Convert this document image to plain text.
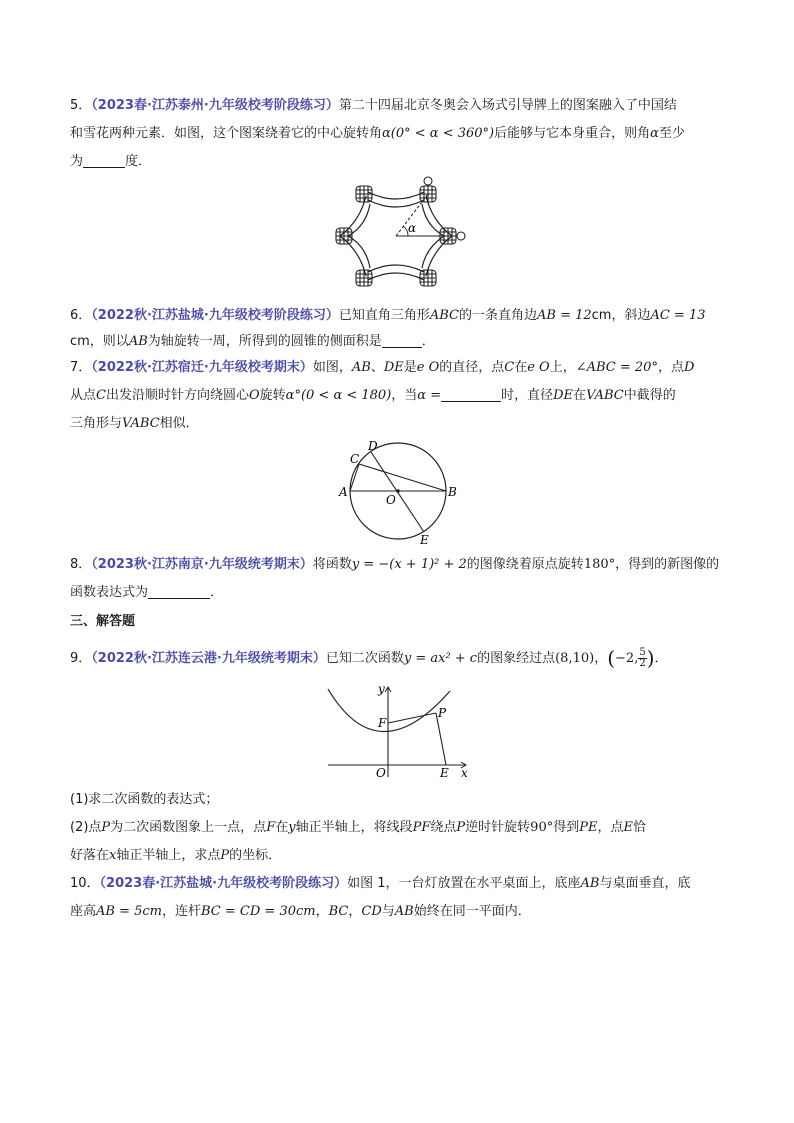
5．（2023春·江苏泰州·九年级校考阶段练习）第二十四届北京冬奥会入场式引导牌上的图案融入了中国结
和雪花两种元素．如图，这个图案绕着它的中心旋转角α(0° < α < 360°)后能够与它本身重合，则角α至少
为	度．
α
6．（2022秋·江苏盐城·九年级校考阶段练习）已知直角三角形ABC的一条直角边AB = 12cm，斜边AC = 13
cm，则以AB为轴旋转一周，所得到的圆锥的侧面积是	．
7．（2022秋·江苏宿迁·九年级校考期末）如图，AB、DE是e O的直径，点C在e O上，∠ABC = 20°，点D
从点C出发沿顺时针方向绕圆心O旋转α°(0 < α < 180)，当α =	时，直径DE在VABC中截得的
三角形与VABC相似．
D
C
A	B
O
E
8．（2023秋·江苏南京·九年级统考期末）将函数y = −(x + 1)² + 2的图像绕着原点旋转180°，得到的新图像的
函数表达式为	．
三、解答题
9．（2022秋·江苏连云港·九年级统考期末）已知二次函数y = ax² + c的图象经过点(8,10)，(−2, $\frac{5}{2}$ )．
y
x
O
F
P
E
(1)求二次函数的表达式；
(2)点P为二次函数图象上一点，点F在y轴正半轴上，将线段PF绕点P逆时针旋转90°得到PE，点E恰
好落在x轴正半轴上，求点P的坐标．
10．（2023春·江苏盐城·九年级校考阶段练习）如图 1，一台灯放置在水平桌面上，底座AB与桌面垂直，底
座高AB = 5cm，连杆BC = CD = 30cm，BC，CD与AB始终在同一平面内．
